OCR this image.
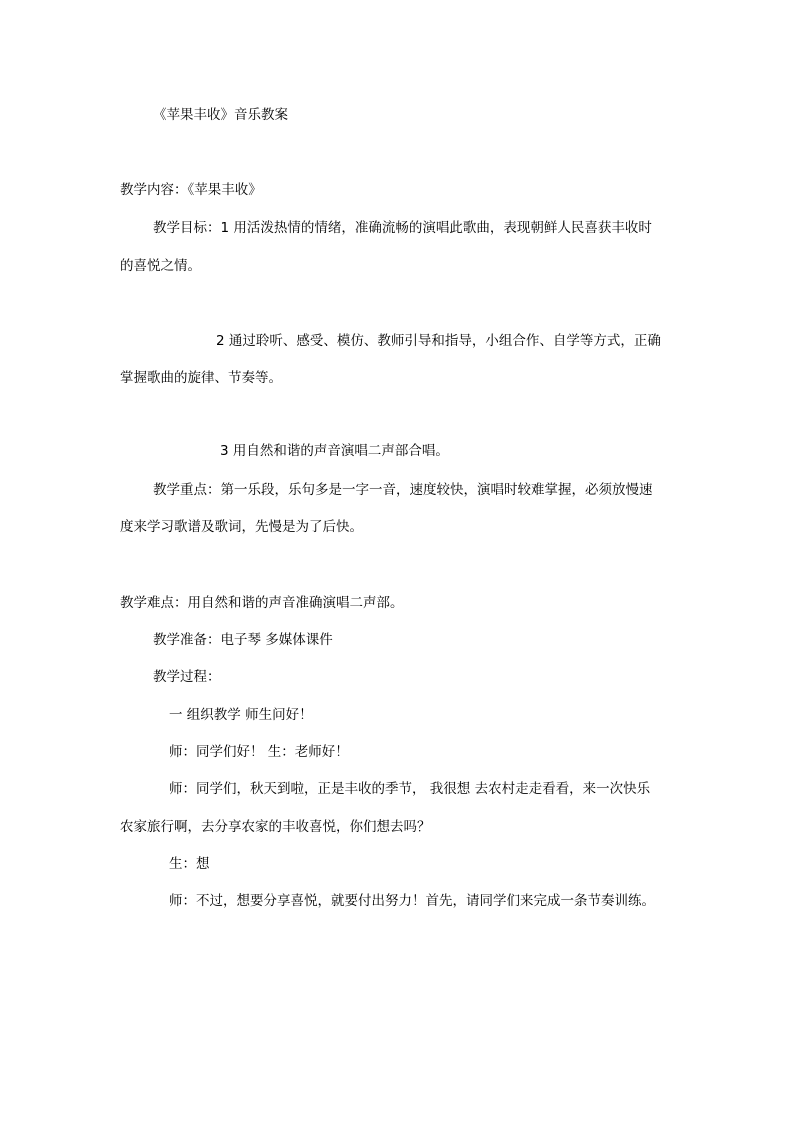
《苹果丰收》音乐教案
教学内容：《苹果丰收》
教学目标：1 用活泼热情的情绪，准确流畅的演唱此歌曲，表现朝鲜人民喜获丰收时
的喜悦之情。
2 通过聆听、感受、模仿、教师引导和指导，小组合作、自学等方式，正确
掌握歌曲的旋律、节奏等。
3 用自然和谐的声音演唱二声部合唱。
教学重点：第一乐段，乐句多是一字一音，速度较快，演唱时较难掌握，必须放慢速
度来学习歌谱及歌词，先慢是为了后快。
教学难点：用自然和谐的声音准确演唱二声部。
教学准备：电子琴 多媒体课件
教学过程：
一 组织教学 师生问好！
师：同学们好！ 生：老师好！
师：同学们，秋天到啦，正是丰收的季节， 我很想 去农村走走看看，来一次快乐
农家旅行啊，去分享农家的丰收喜悦，你们想去吗？
生：想
师：不过，想要分享喜悦，就要付出努力！首先，请同学们来完成一条节奏训练。
